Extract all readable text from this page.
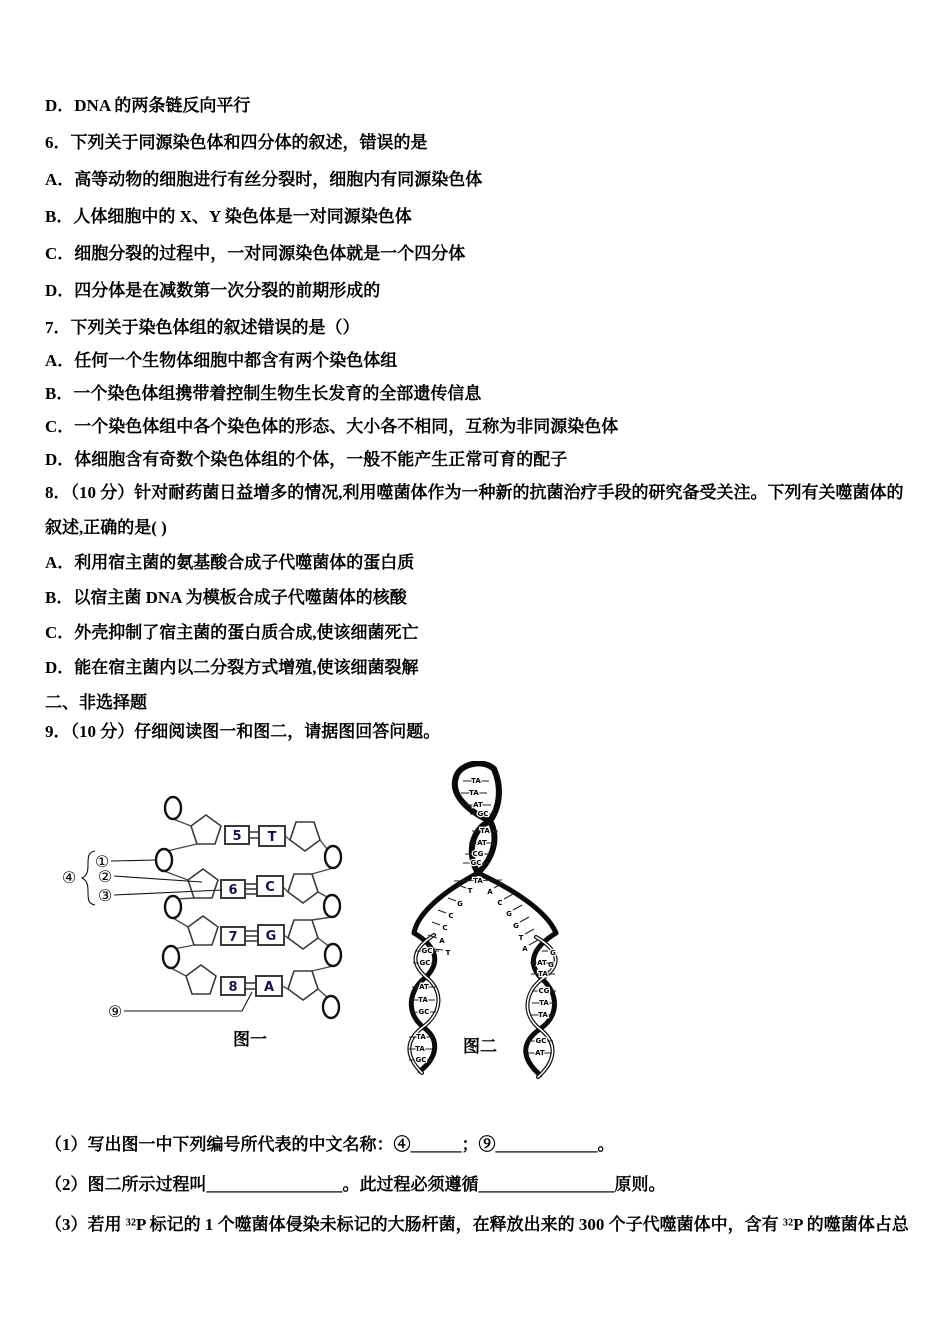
D．DNA 的两条链反向平行

6．下列关于同源染色体和四分体的叙述，错误的是

A．高等动物的细胞进行有丝分裂时，细胞内有同源染色体

B．人体细胞中的 X、Y 染色体是一对同源染色体

C．细胞分裂的过程中，一对同源染色体就是一个四分体

D．四分体是在减数第一次分裂的前期形成的

7．下列关于染色体组的叙述错误的是（）

A．任何一个生物体细胞中都含有两个染色体组

B．一个染色体组携带着控制生物生长发育的全部遗传信息

C．一个染色体组中各个染色体的形态、大小各不相同，互称为非同源染色体

D．体细胞含有奇数个染色体组的个体，一般不能产生正常可育的配子

8．（10 分）针对耐药菌日益增多的情况,利用噬菌体作为一种新的抗菌治疗手段的研究备受关注。下列有关噬菌体的

叙述,正确的是( )

A．利用宿主菌的氨基酸合成子代噬菌体的蛋白质

B．以宿主菌 DNA 为模板合成子代噬菌体的核酸

C．外壳抑制了宿主菌的蛋白质合成,使该细菌死亡

D．能在宿主菌内以二分裂方式增殖,使该细菌裂解

二、非选择题

9．（10 分）仔细阅读图一和图二，请据图回答问题。

5
6
7
8
T
C
G
A
①
②
③
④
⑨
图一
TA
TA
AT
GC
TA
AT
CG
GC
TA
T
G
C
C
A
T
A
C
G
G
T
A	G
G
GC
GC
AT
TA
GC
TA
TA
GC
AT
TA
CG
TA
TA
GC
AT
图二

（1）写出图一中下列编号所代表的中文名称：④______；⑨____________。

（2）图二所示过程叫________________。此过程必须遵循________________原则。

（3）若用 ³²P 标记的 1 个噬菌体侵染未标记的大肠杆菌，在释放出来的 300 个子代噬菌体中，含有 ³²P 的噬菌体占总
